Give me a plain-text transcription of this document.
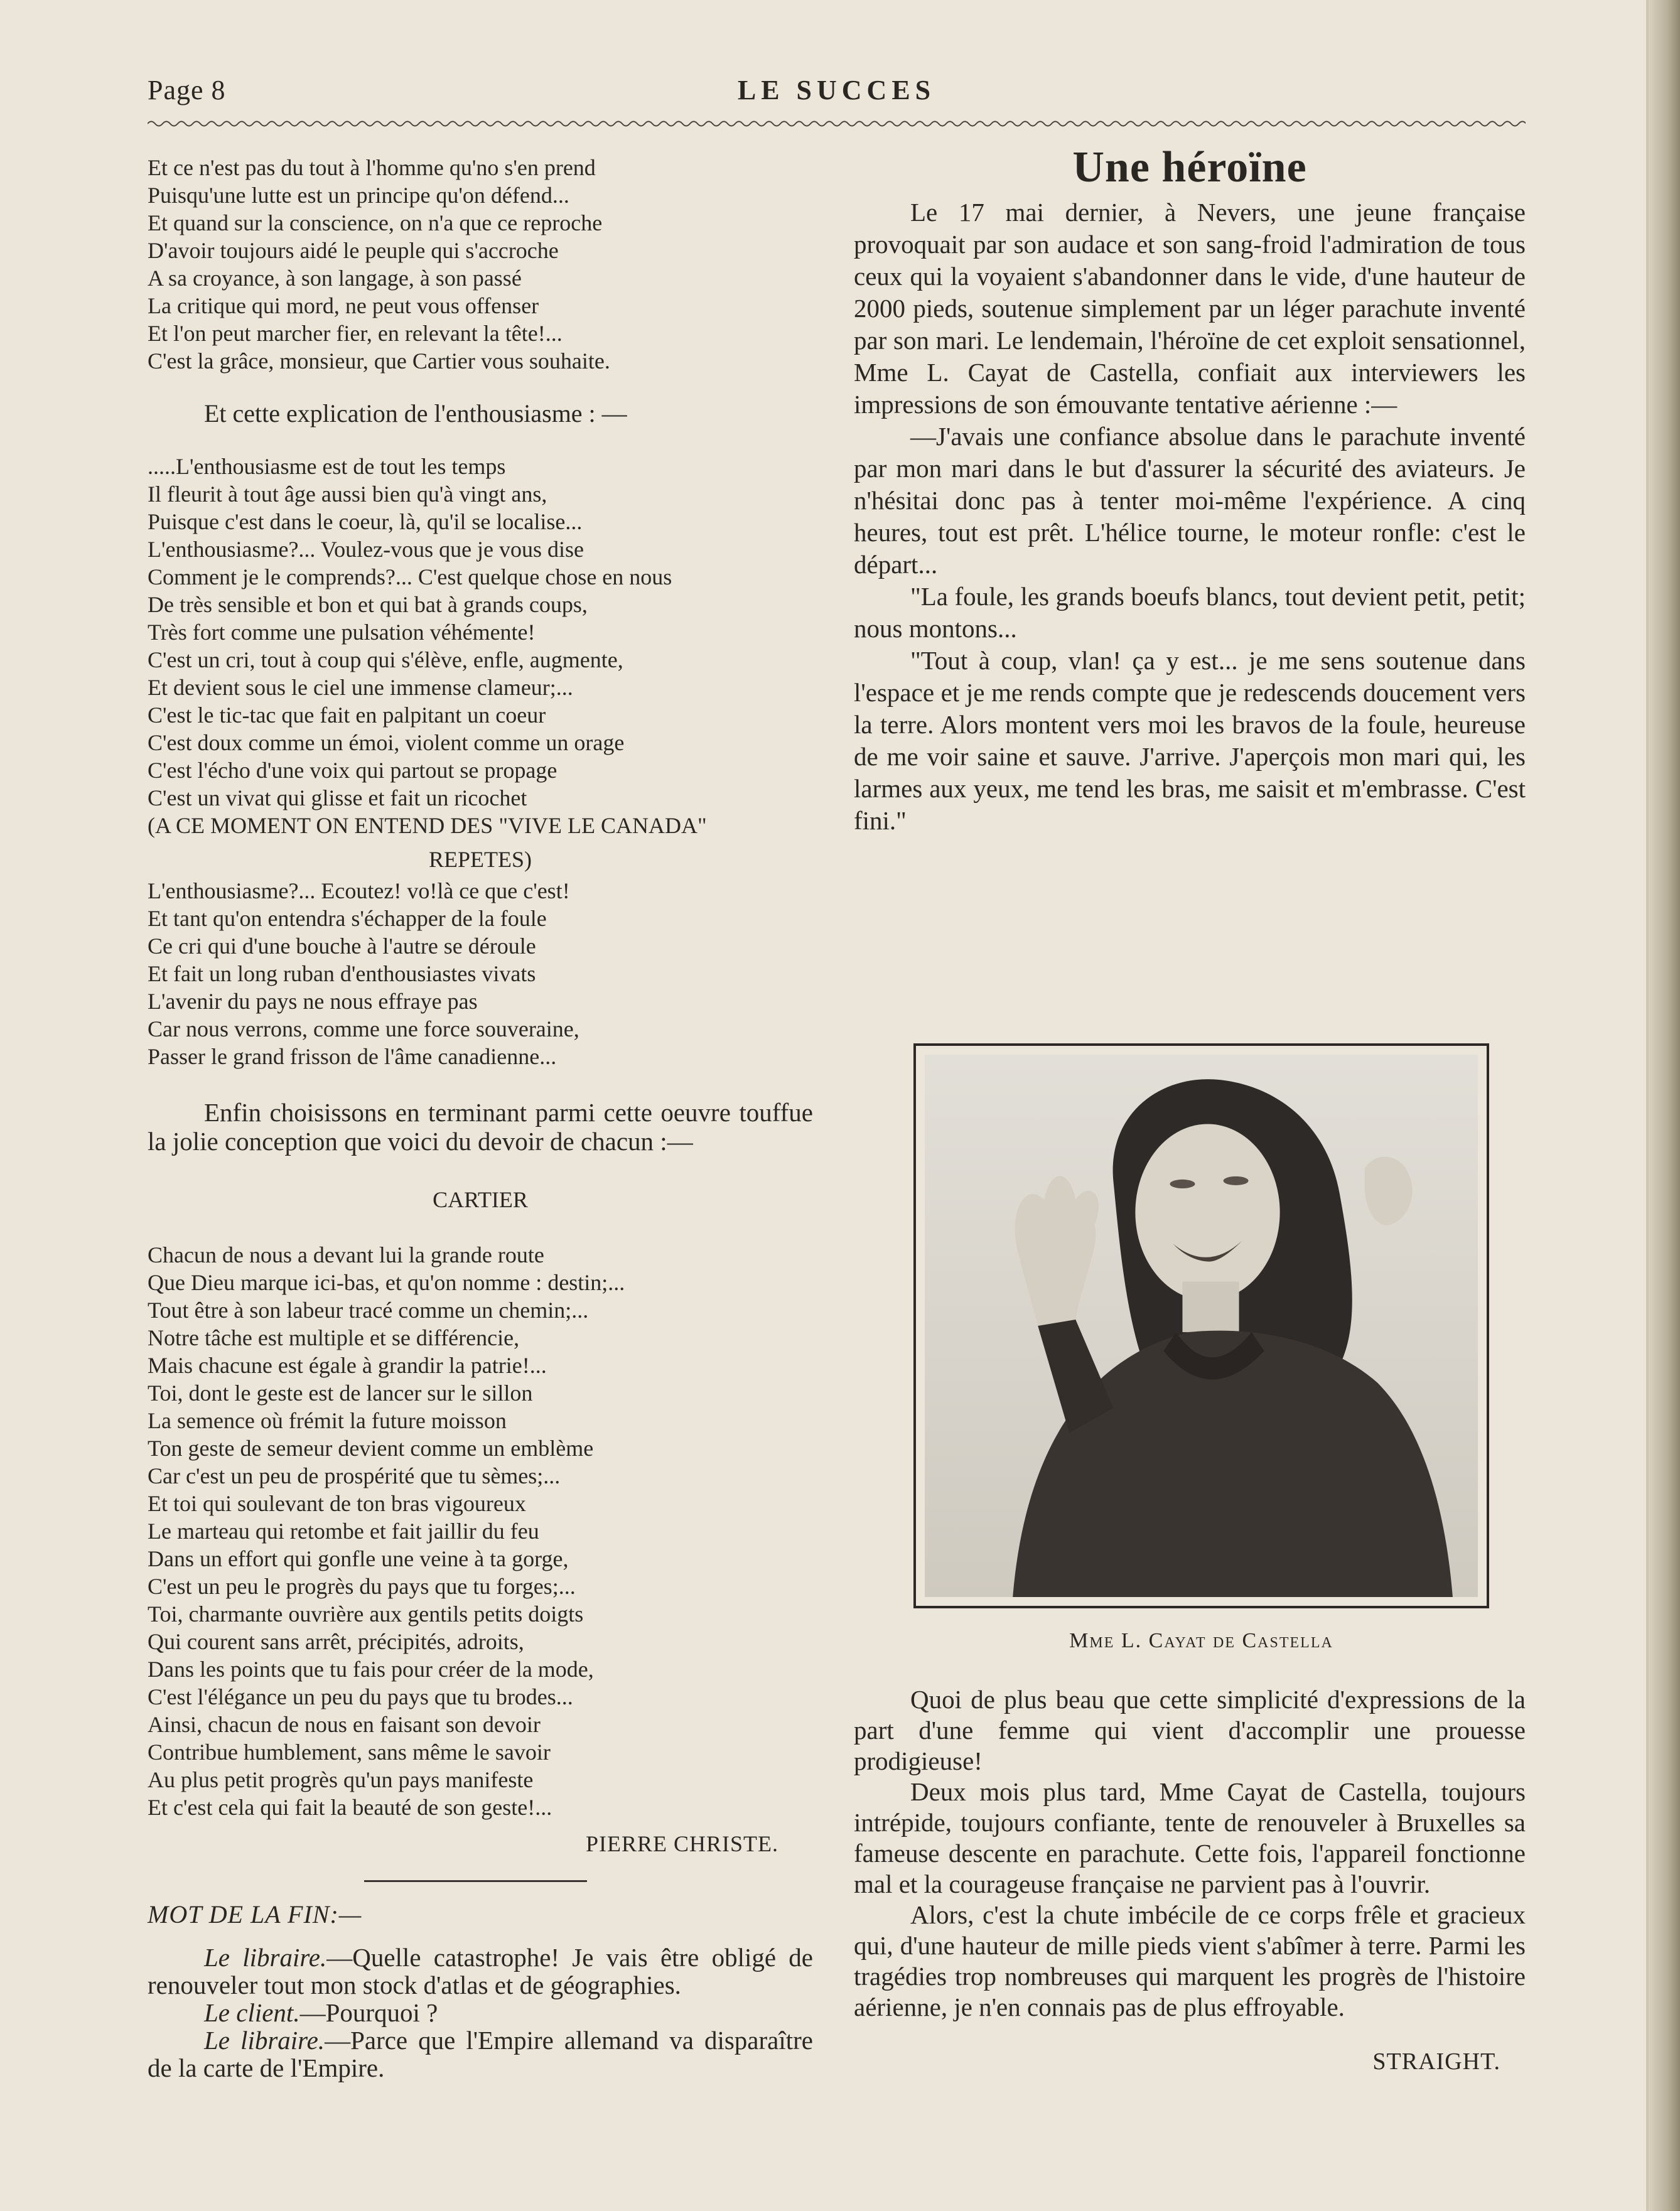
Page 8	LE SUCCES

Et ce n'est pas du tout à l'homme qu'no s'en prend

Puisqu'une lutte est un principe qu'on défend...

Et quand sur la conscience, on n'a que ce reproche

D'avoir toujours aidé le peuple qui s'accroche

A sa croyance, à son langage, à son passé

La critique qui mord, ne peut vous offenser

Et l'on peut marcher fier, en relevant la tête!...

C'est la grâce, monsieur, que Cartier vous souhaite.

Et cette explication de l'enthousiasme : —

.....L'enthousiasme est de tout les temps

Il fleurit à tout âge aussi bien qu'à vingt ans,

Puisque c'est dans le coeur, là, qu'il se localise...

L'enthousiasme?... Voulez-vous que je vous dise

Comment je le comprends?... C'est quelque chose en nous

De très sensible et bon et qui bat à grands coups,

Très fort comme une pulsation véhémente!

C'est un cri, tout à coup qui s'élève, enfle, augmente,

Et devient sous le ciel une immense clameur;...

C'est le tic-tac que fait en palpitant un coeur

C'est doux comme un émoi, violent comme un orage

C'est l'écho d'une voix qui partout se propage

C'est un vivat qui glisse et fait un ricochet

(A CE MOMENT ON ENTEND DES "VIVE LE CANADA"

REPETES)

L'enthousiasme?... Ecoutez! vo!là ce que c'est!

Et tant qu'on entendra s'échapper de la foule

Ce cri qui d'une bouche à l'autre se déroule

Et fait un long ruban d'enthousiastes vivats

L'avenir du pays ne nous effraye pas

Car nous verrons, comme une force souveraine,

Passer le grand frisson de l'âme canadienne...

Enfin choisissons en terminant parmi cette oeuvre touffue la jolie conception que voici du devoir de chacun :—

CARTIER

Chacun de nous a devant lui la grande route

Que Dieu marque ici-bas, et qu'on nomme : destin;...

Tout être à son labeur tracé comme un chemin;...

Notre tâche est multiple et se différencie,

Mais chacune est égale à grandir la patrie!...

Toi, dont le geste est de lancer sur le sillon

La semence où frémit la future moisson

Ton geste de semeur devient comme un emblème

Car c'est un peu de prospérité que tu sèmes;...

Et toi qui soulevant de ton bras vigoureux

Le marteau qui retombe et fait jaillir du feu

Dans un effort qui gonfle une veine à ta gorge,

C'est un peu le progrès du pays que tu forges;...

Toi, charmante ouvrière aux gentils petits doigts

Qui courent sans arrêt, précipités, adroits,

Dans les points que tu fais pour créer de la mode,

C'est l'élégance un peu du pays que tu brodes...

Ainsi, chacun de nous en faisant son devoir

Contribue humblement, sans même le savoir

Au plus petit progrès qu'un pays manifeste

Et c'est cela qui fait la beauté de son geste!...

PIERRE CHRISTE.
MOT DE LA FIN:—

Le libraire.—Quelle catastrophe! Je vais être obligé de renouveler tout mon stock d'atlas et de géographies.

Le client.—Pourquoi ?

Le libraire.—Parce que l'Empire allemand va disparaître de la carte de l'Empire.

Une héroïne

Le 17 mai dernier, à Nevers, une jeune française provoquait par son audace et son sang-froid l'admiration de tous ceux qui la voyaient s'abandonner dans le vide, d'une hauteur de 2000 pieds, soutenue simplement par un léger parachute inventé par son mari. Le lendemain, l'héroïne de cet exploit sensationnel, Mme L. Cayat de Castella, confiait aux interviewers les impressions de son émouvante tentative aérienne :—

—J'avais une confiance absolue dans le parachute inventé par mon mari dans le but d'assurer la sécurité des aviateurs. Je n'hésitai donc pas à tenter moi-même l'expérience. A cinq heures, tout est prêt. L'hélice tourne, le moteur ronfle: c'est le départ...

"La foule, les grands boeufs blancs, tout devient petit, petit; nous montons...

"Tout à coup, vlan! ça y est... je me sens soutenue dans l'espace et je me rends compte que je redescends doucement vers la terre. Alors montent vers moi les bravos de la foule, heureuse de me voir saine et sauve. J'arrive. J'aperçois mon mari qui, les larmes aux yeux, me tend les bras, me saisit et m'embrasse. C'est fini."

Mme L. Cayat de Castella

Quoi de plus beau que cette simplicité d'expressions de la part d'une femme qui vient d'accomplir une prouesse prodigieuse!

Deux mois plus tard, Mme Cayat de Castella, toujours intrépide, toujours confiante, tente de renouveler à Bruxelles sa fameuse descente en parachute. Cette fois, l'appareil fonctionne mal et la courageuse française ne parvient pas à l'ouvrir.

Alors, c'est la chute imbécile de ce corps frêle et gracieux qui, d'une hauteur de mille pieds vient s'abîmer à terre. Parmi les tragédies trop nombreuses qui marquent les progrès de l'histoire aérienne, je n'en connais pas de plus effroyable.

STRAIGHT.
